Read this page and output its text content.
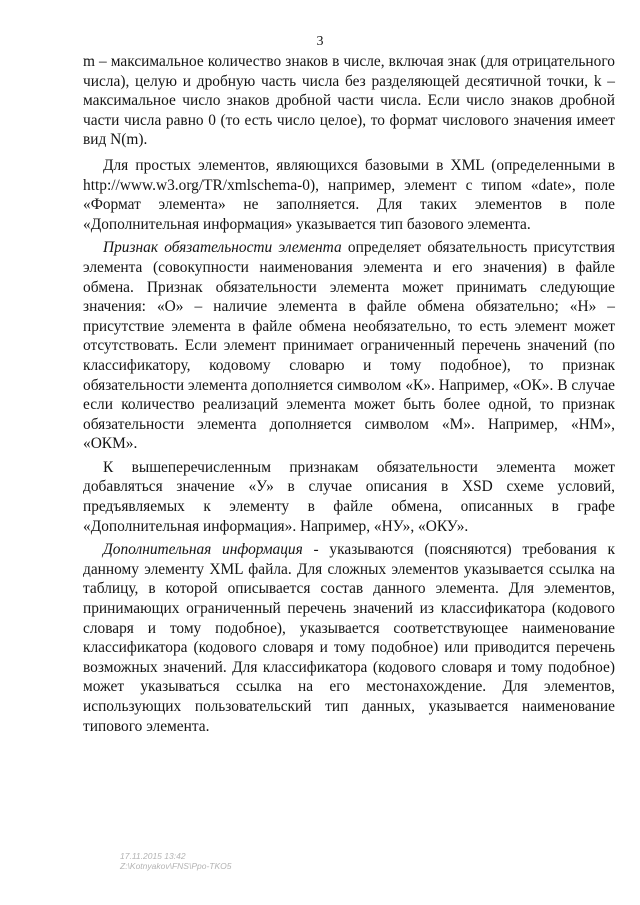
3

m – максимальное количество знаков в числе, включая знак (для отрицательного числа), целую и дробную часть числа без разделяющей десятичной точки, k – максимальное число знаков дробной части числа. Если число знаков дробной части числа равно 0 (то есть число целое), то формат числового значения имеет вид N(m).

Для простых элементов, являющихся базовыми в XML (определенными в http://www.w3.org/TR/xmlschema-0), например, элемент с типом «date», поле «Формат элемента» не заполняется. Для таких элементов в поле «Дополнительная информация» указывается тип базового элемента.

Признак обязательности элемента определяет обязательность присутствия элемента (совокупности наименования элемента и его значения) в файле обмена. Признак обязательности элемента может принимать следующие значения: «О» – наличие элемента в файле обмена обязательно; «Н» – присутствие элемента в файле обмена необязательно, то есть элемент может отсутствовать. Если элемент принимает ограниченный перечень значений (по классификатору, кодовому словарю и тому подобное), то признак обязательности элемента дополняется символом «К». Например, «ОК». В случае если количество реализаций элемента может быть более одной, то признак обязательности элемента дополняется символом «М». Например, «НМ», «ОКМ».

К вышеперечисленным признакам обязательности элемента может добавляться значение «У» в случае описания в XSD схеме условий, предъявляемых к элементу в файле обмена, описанных в графе «Дополнительная информация». Например, «НУ», «ОКУ».

Дополнительная информация - указываются (поясняются) требования к данному элементу XML файла. Для сложных элементов указывается ссылка на таблицу, в которой описывается состав данного элемента. Для элементов, принимающих ограниченный перечень значений из классификатора (кодового словаря и тому подобное), указывается соответствующее наименование классификатора (кодового словаря и тому подобное) или приводится перечень возможных значений. Для классификатора (кодового словаря и тому подобное) может указываться ссылка на его местонахождение. Для элементов, использующих пользовательский тип данных, указывается наименование типового элемента.

17.11.2015 13:42
Z:\Kotnyakov\FNS\Ppo-TKO5
